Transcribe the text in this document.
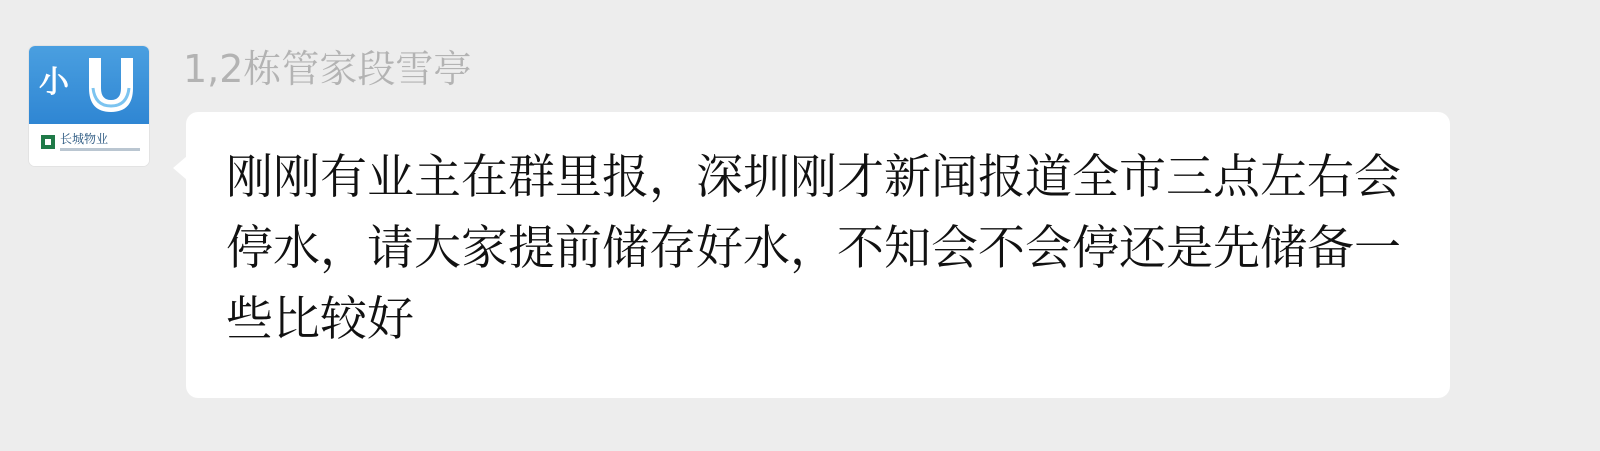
小
长城物业
1,2栋管家段雪亭
刚刚有业主在群里报，深圳刚才新闻报道全市三点左右会停水，请大家提前储存好水，不知会不会停还是先储备一些比较好
